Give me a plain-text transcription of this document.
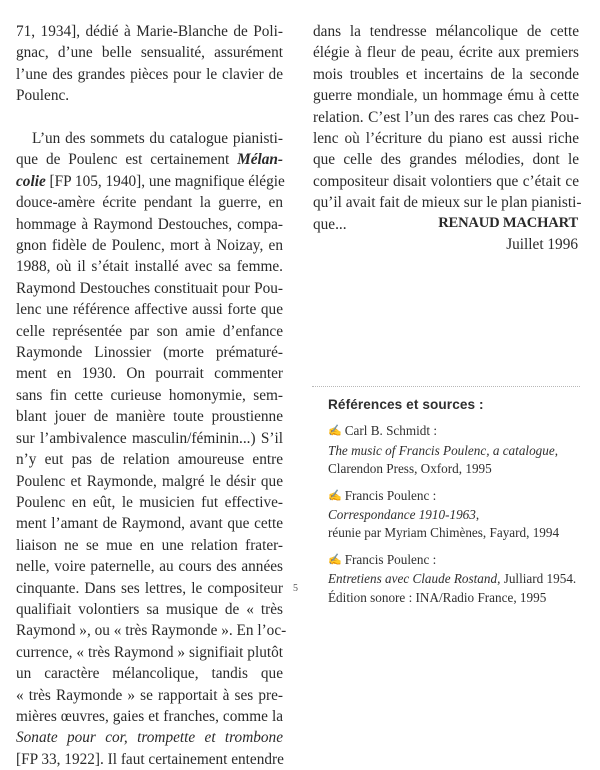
71, 1934], dédié à Marie-Blanche de Poli-
gnac, d’une belle sensualité, assurément
l’une des grandes pièces pour le clavier de
Poulenc.
L’un des sommets du catalogue pianisti-
que de Poulenc est certainement Mélan-
colie [FP 105, 1940], une magnifique élégie
douce-amère écrite pendant la guerre, en
hommage à Raymond Destouches, compa-
gnon fidèle de Poulenc, mort à Noizay, en
1988, où il s’était installé avec sa femme.
Raymond Destouches constituait pour Pou-
lenc une référence affective aussi forte que
celle représentée par son amie d’enfance
Raymonde Linossier (morte prématuré-
ment en 1930. On pourrait commenter
sans fin cette curieuse homonymie, sem-
blant jouer de manière toute proustienne
sur l’ambivalence masculin/féminin...) S’il
n’y eut pas de relation amoureuse entre
Poulenc et Raymonde, malgré le désir que
Poulenc en eût, le musicien fut effective-
ment l’amant de Raymond, avant que cette
liaison ne se mue en une relation frater-
nelle, voire paternelle, au cours des années
cinquante. Dans ses lettres, le compositeur
qualifiait volontiers sa musique de « très
Raymond », ou « très Raymonde ». En l’oc-
currence, « très Raymond » signifiait plutôt
un caractère mélancolique, tandis que
« très Raymonde » se rapportait à ses pre-
mières œuvres, gaies et franches, comme la
Sonate pour cor, trompette et trombone
[FP 33, 1922]. Il faut certainement entendre
dans la tendresse mélancolique de cette
élégie à fleur de peau, écrite aux premiers
mois troubles et incertains de la seconde
guerre mondiale, un hommage ému à cette
relation. C’est l’un des rares cas chez Pou-
lenc où l’écriture du piano est aussi riche
que celle des grandes mélodies, dont le
compositeur disait volontiers que c’était ce
qu’il avait fait de mieux sur le plan pianisti-
que...	RENAUD MACHART
Juillet 1996
Références et sources :
✍ Carl B. Schmidt :
The music of Francis Poulenc, a catalogue,
Clarendon Press, Oxford, 1995
✍ Francis Poulenc :
Correspondance 1910-1963,
réunie par Myriam Chimènes, Fayard, 1994
✍ Francis Poulenc :
Entretiens avec Claude Rostand, Julliard 1954.
Édition sonore : INA/Radio France, 1995
5
